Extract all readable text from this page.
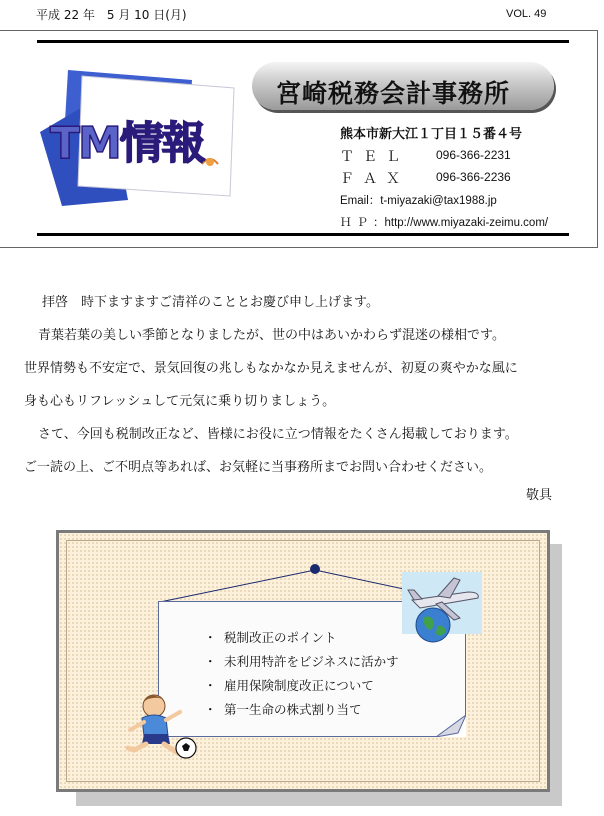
平成 22 年　5 月 10 日(月)	VOL. 49
TM情報
宮崎税務会計事務所
熊本市新大江１丁目１５番４号
ＴＥＬ 096-366-2231
ＦＡＸ 096-366-2236
Email：t-miyazaki@tax1988.jp
ＨＰ：http://www.miyazaki-zeimu.com/
拝啓　時下ますますご清祥のこととお慶び申し上げます。
青葉若葉の美しい季節となりましたが、世の中はあいかわらず混迷の様相です。
世界情勢も不安定で、景気回復の兆しもなかなか見えませんが、初夏の爽やかな風に
身も心もリフレッシュして元気に乗り切りましょう。
さて、今回も税制改正など、皆様にお役に立つ情報をたくさん掲載しております。
ご一読の上、ご不明点等あれば、お気軽に当事務所までお問い合わせください。
敬具
・ 税制改正のポイント
・ 未利用特許をビジネスに活かす
・ 雇用保険制度改正について
・ 第一生命の株式割り当て
